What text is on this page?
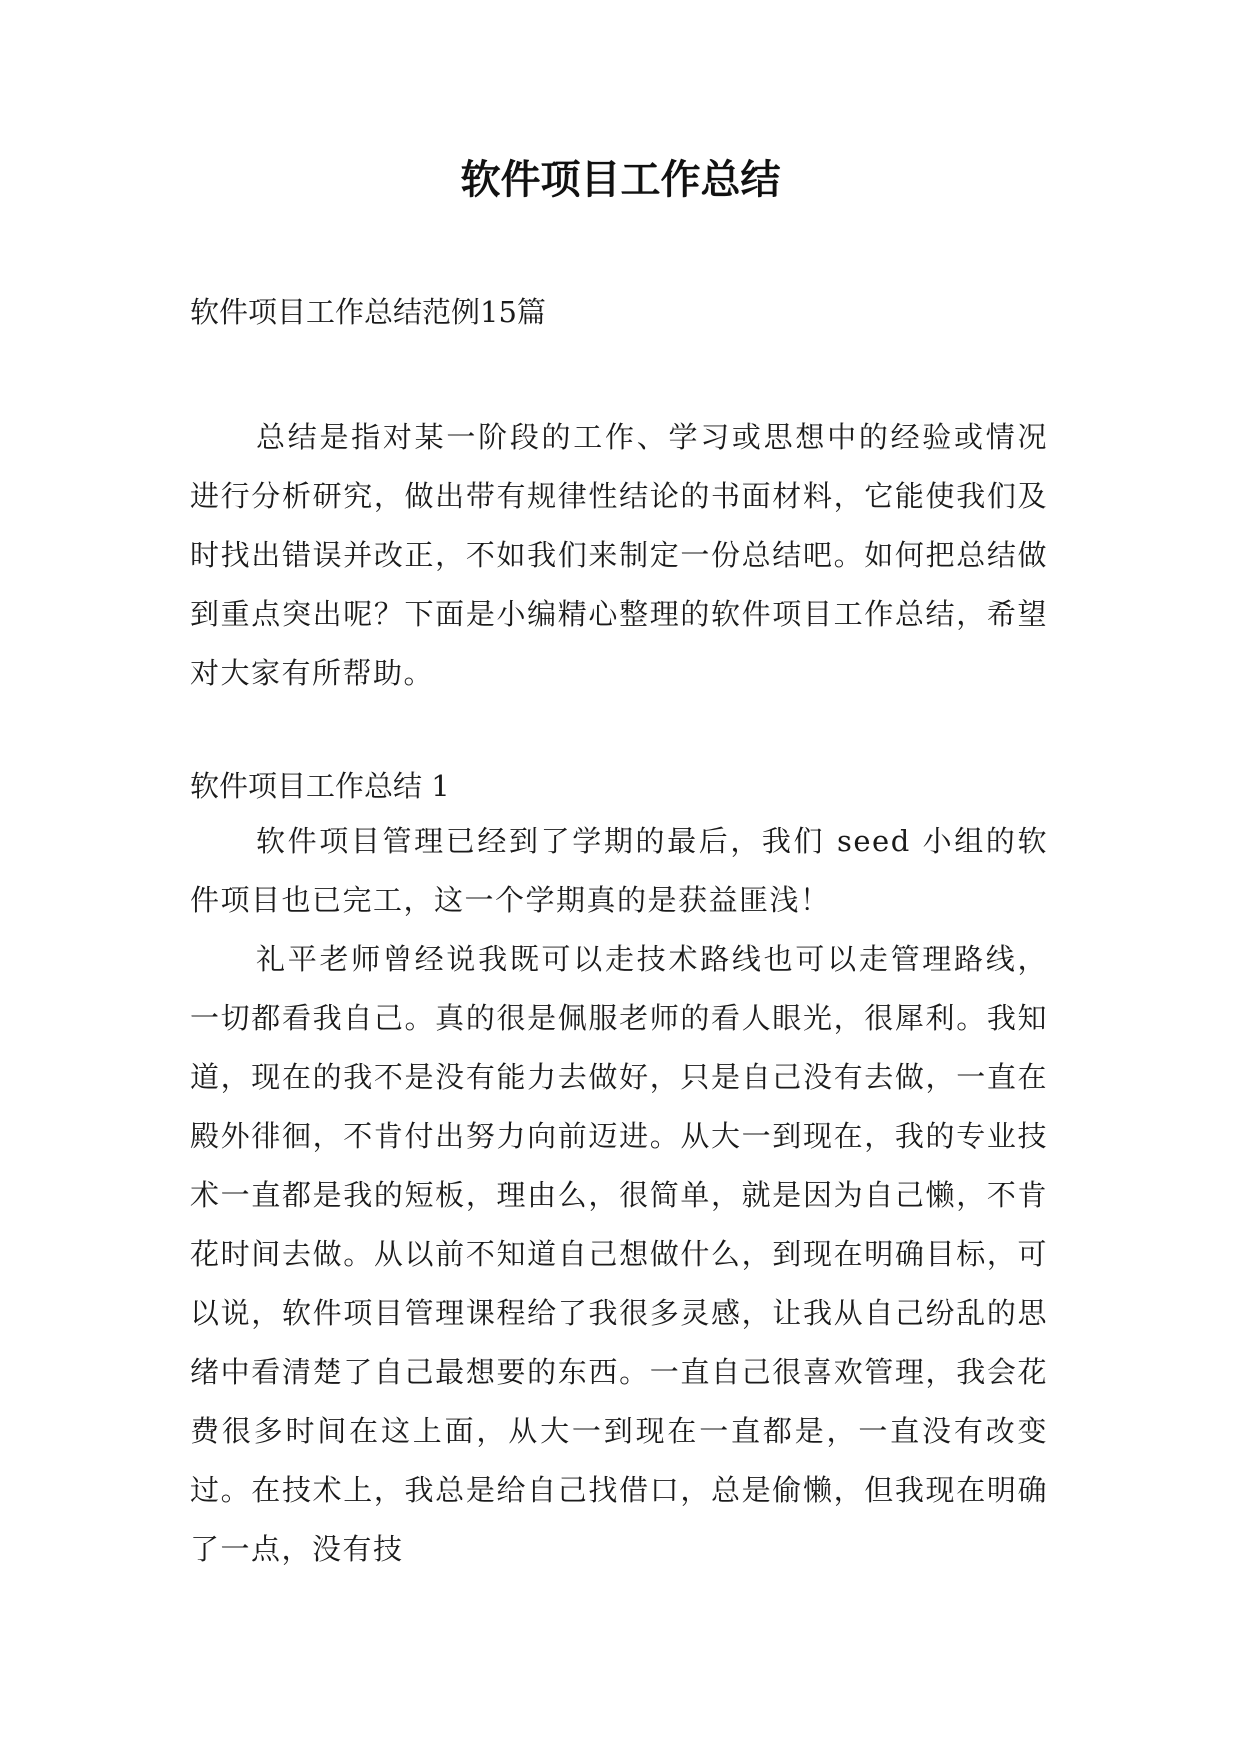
软件项目工作总结

软件项目工作总结范例15篇

总结是指对某一阶段的工作、学习或思想中的经验或情况进行分析研究，做出带有规律性结论的书面材料，它能使我们及时找出错误并改正，不如我们来制定一份总结吧。如何把总结做到重点突出呢？下面是小编精心整理的软件项目工作总结，希望对大家有所帮助。

软件项目工作总结 1

软件项目管理已经到了学期的最后，我们 seed 小组的软件项目也已完工，这一个学期真的是获益匪浅！

礼平老师曾经说我既可以走技术路线也可以走管理路线，一切都看我自己。真的很是佩服老师的看人眼光，很犀利。我知道，现在的我不是没有能力去做好，只是自己没有去做，一直在殿外徘徊，不肯付出努力向前迈进。从大一到现在，我的专业技术一直都是我的短板，理由么，很简单，就是因为自己懒，不肯花时间去做。从以前不知道自己想做什么，到现在明确目标，可以说，软件项目管理课程给了我很多灵感，让我从自己纷乱的思绪中看清楚了自己最想要的东西。一直自己很喜欢管理，我会花费很多时间在这上面，从大一到现在一直都是，一直没有改变过。在技术上，我总是给自己找借口，总是偷懒，但我现在明确了一点，没有技
